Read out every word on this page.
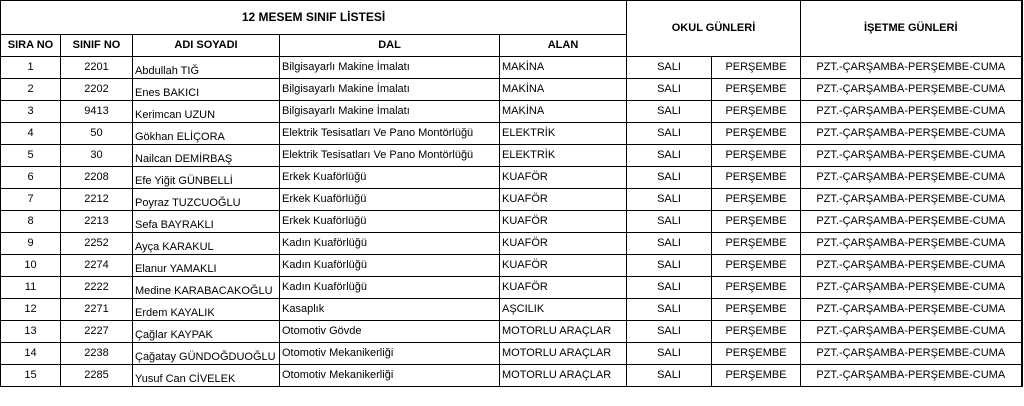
12 MESEM SINIF LİSTESİ					OKUL GÜNLERİ		İŞETME GÜNLERİ
SIRA NO	SINIF NO	ADI SOYADI	DAL	ALAN			
1	2201	Abdullah TIĞ	Bilgisayarlı Makine İmalatı	MAKİNA	SALI	PERŞEMBE	PZT.-ÇARŞAMBA-PERŞEMBE-CUMA
2	2202	Enes BAKICI	Bilgisayarlı Makine İmalatı	MAKİNA	SALI	PERŞEMBE	PZT.-ÇARŞAMBA-PERŞEMBE-CUMA
3	9413	Kerimcan UZUN	Bilgisayarlı Makine İmalatı	MAKİNA	SALI	PERŞEMBE	PZT.-ÇARŞAMBA-PERŞEMBE-CUMA
4	50	Gökhan ELİÇORA	Elektrik Tesisatları Ve Pano Montörlüğü	ELEKTRİK	SALI	PERŞEMBE	PZT.-ÇARŞAMBA-PERŞEMBE-CUMA
5	30	Nailcan DEMİRBAŞ	Elektrik Tesisatları Ve Pano Montörlüğü	ELEKTRİK	SALI	PERŞEMBE	PZT.-ÇARŞAMBA-PERŞEMBE-CUMA
6	2208	Efe Yiğit GÜNBELLİ	Erkek Kuaförlüğü	KUAFÖR	SALI	PERŞEMBE	PZT.-ÇARŞAMBA-PERŞEMBE-CUMA
7	2212	Poyraz TUZCUOĞLU	Erkek Kuaförlüğü	KUAFÖR	SALI	PERŞEMBE	PZT.-ÇARŞAMBA-PERŞEMBE-CUMA
8	2213	Sefa BAYRAKLI	Erkek Kuaförlüğü	KUAFÖR	SALI	PERŞEMBE	PZT.-ÇARŞAMBA-PERŞEMBE-CUMA
9	2252	Ayça KARAKUL	Kadın Kuaförlüğü	KUAFÖR	SALI	PERŞEMBE	PZT.-ÇARŞAMBA-PERŞEMBE-CUMA
10	2274	Elanur YAMAKLI	Kadın Kuaförlüğü	KUAFÖR	SALI	PERŞEMBE	PZT.-ÇARŞAMBA-PERŞEMBE-CUMA
11	2222	Medine KARABACAKOĞLU	Kadın Kuaförlüğü	KUAFÖR	SALI	PERŞEMBE	PZT.-ÇARŞAMBA-PERŞEMBE-CUMA
12	2271	Erdem KAYALIK	Kasaplık	AŞCILIK	SALI	PERŞEMBE	PZT.-ÇARŞAMBA-PERŞEMBE-CUMA
13	2227	Çağlar KAYPAK	Otomotiv Gövde	MOTORLU ARAÇLAR	SALI	PERŞEMBE	PZT.-ÇARŞAMBA-PERŞEMBE-CUMA
14	2238	Çağatay GÜNDOĞDUOĞLU	Otomotiv Mekanikerliği	MOTORLU ARAÇLAR	SALI	PERŞEMBE	PZT.-ÇARŞAMBA-PERŞEMBE-CUMA
15	2285	Yusuf Can CİVELEK	Otomotiv Mekanikerliği	MOTORLU ARAÇLAR	SALI	PERŞEMBE	PZT.-ÇARŞAMBA-PERŞEMBE-CUMA
